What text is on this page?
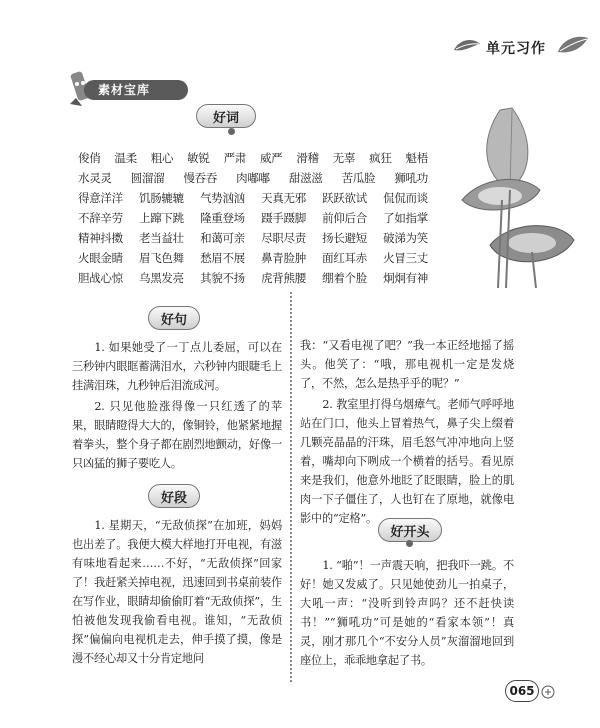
单元习作
素材宝库
好词
俊俏 温柔 粗心 敏锐 严肃 威严 滑稽 无辜 疯狂 魁梧
水灵灵 圆溜溜 慢吞吞 肉嘟嘟 甜滋滋 苦瓜脸 狮吼功
得意洋洋 饥肠辘辘 气势汹汹 天真无邪 跃跃欲试 侃侃而谈
不辞辛劳 上蹿下跳 隆重登场 蹑手蹑脚 前仰后合 了如指掌
精神抖擞 老当益壮 和蔼可亲 尽职尽责 扬长避短 破涕为笑
火眼金睛 眉飞色舞 愁眉不展 鼻青脸肿 面红耳赤 火冒三丈
胆战心惊 乌黑发亮 其貌不扬 虎背熊腰 绷着个脸 炯炯有神
好句

1. 如果她受了一丁点儿委屈，可以在三秒钟内眼眶蓄满泪水，六秒钟内眼睫毛上挂满泪珠，九秒钟后泪流成河。

2. 只见他脸涨得像一只红透了的苹果，眼睛瞪得大大的，像铜铃，他紧紧地握着拳头，整个身子都在剧烈地颤动，好像一只凶猛的狮子要吃人。

好段

1. 星期天，“无敌侦探”在加班，妈妈也出差了。我便大模大样地打开电视，有滋有味地看起来……不好，“无敌侦探”回家了！我赶紧关掉电视，迅速回到书桌前装作在写作业，眼睛却偷偷盯着“无敌侦探”，生怕被他发现我偷看电视。谁知，“无敌侦探”偏偏向电视机走去，伸手摸了摸，像是漫不经心却又十分肯定地问

我：“又看电视了吧？”我一本正经地摇了摇头。他笑了：“哦，那电视机一定是发烧了，不然，怎么是热乎乎的呢？”

2. 教室里打得乌烟瘴气。老师气呼呼地站在门口，他头上冒着热气，鼻子尖上缀着几颗亮晶晶的汗珠，眉毛怒气冲冲地向上竖着，嘴却向下咧成一个横着的括号。看见原来是我们，他意外地眨了眨眼睛，脸上的肌肉一下子僵住了，人也钉在了原地，就像电影中的“定格”。

好开头

1. “啪”！一声震天响，把我吓一跳。不好！她又发威了。只见她使劲儿一拍桌子，大吼一声：“没听到铃声吗？还不赶快读书！”“狮吼功”可是她的“看家本领”！真灵，刚才那几个“不安分人员”灰溜溜地回到座位上，乖乖地拿起了书。

065
